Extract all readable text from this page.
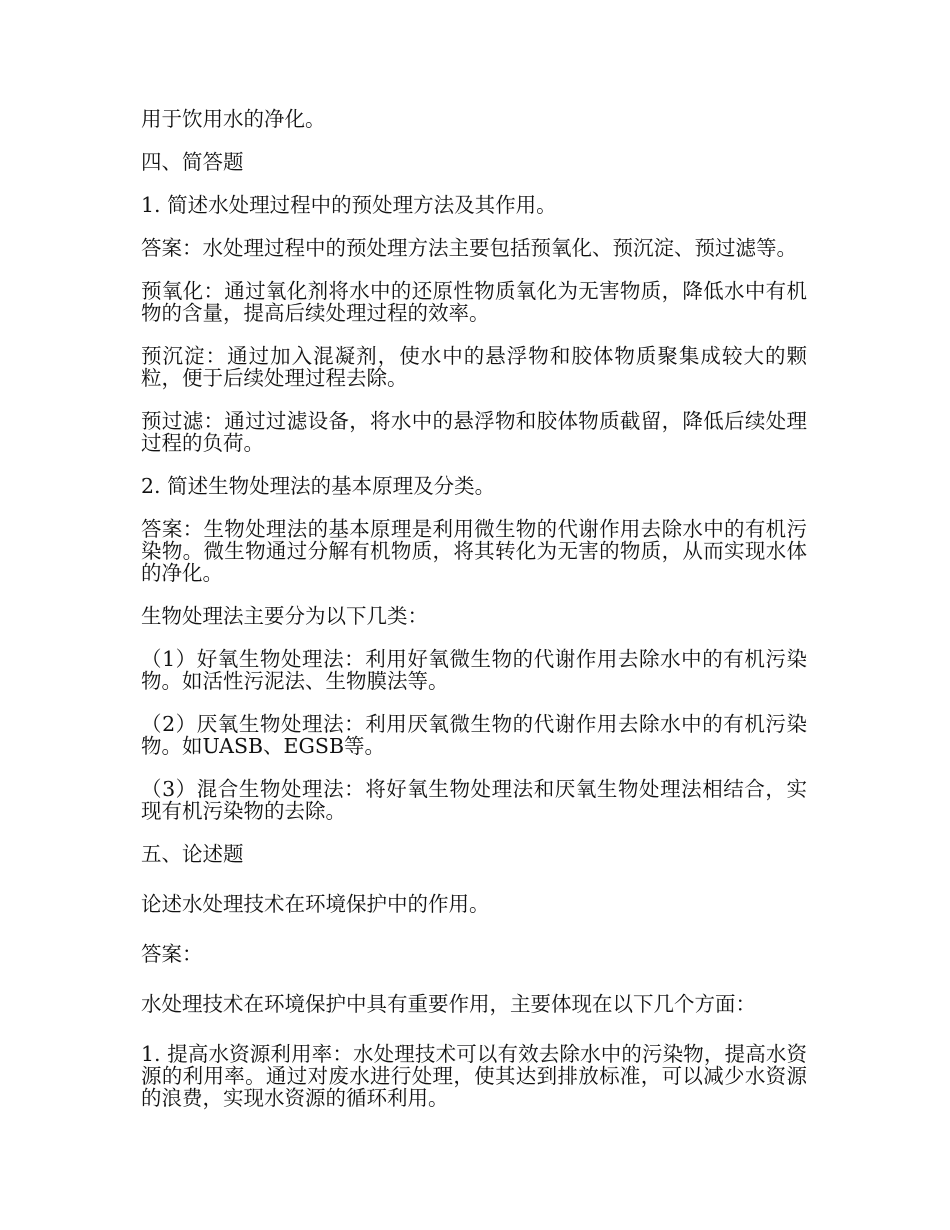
用于饮用水的净化。

四、简答题

1. 简述水处理过程中的预处理方法及其作用。

答案：水处理过程中的预处理方法主要包括预氧化、预沉淀、预过滤等。

预氧化：通过氧化剂将水中的还原性物质氧化为无害物质，降低水中有机物的含量，提高后续处理过程的效率。

预沉淀：通过加入混凝剂，使水中的悬浮物和胶体物质聚集成较大的颗粒，便于后续处理过程去除。

预过滤：通过过滤设备，将水中的悬浮物和胶体物质截留，降低后续处理过程的负荷。

2. 简述生物处理法的基本原理及分类。

答案：生物处理法的基本原理是利用微生物的代谢作用去除水中的有机污染物。微生物通过分解有机物质，将其转化为无害的物质，从而实现水体的净化。

生物处理法主要分为以下几类：

（1）好氧生物处理法：利用好氧微生物的代谢作用去除水中的有机污染物。如活性污泥法、生物膜法等。

（2）厌氧生物处理法：利用厌氧微生物的代谢作用去除水中的有机污染物。如UASB、EGSB等。

（3）混合生物处理法：将好氧生物处理法和厌氧生物处理法相结合，实现有机污染物的去除。

五、论述题

论述水处理技术在环境保护中的作用。

答案：

水处理技术在环境保护中具有重要作用，主要体现在以下几个方面：

1. 提高水资源利用率：水处理技术可以有效去除水中的污染物，提高水资源的利用率。通过对废水进行处理，使其达到排放标准，可以减少水资源的浪费，实现水资源的循环利用。
